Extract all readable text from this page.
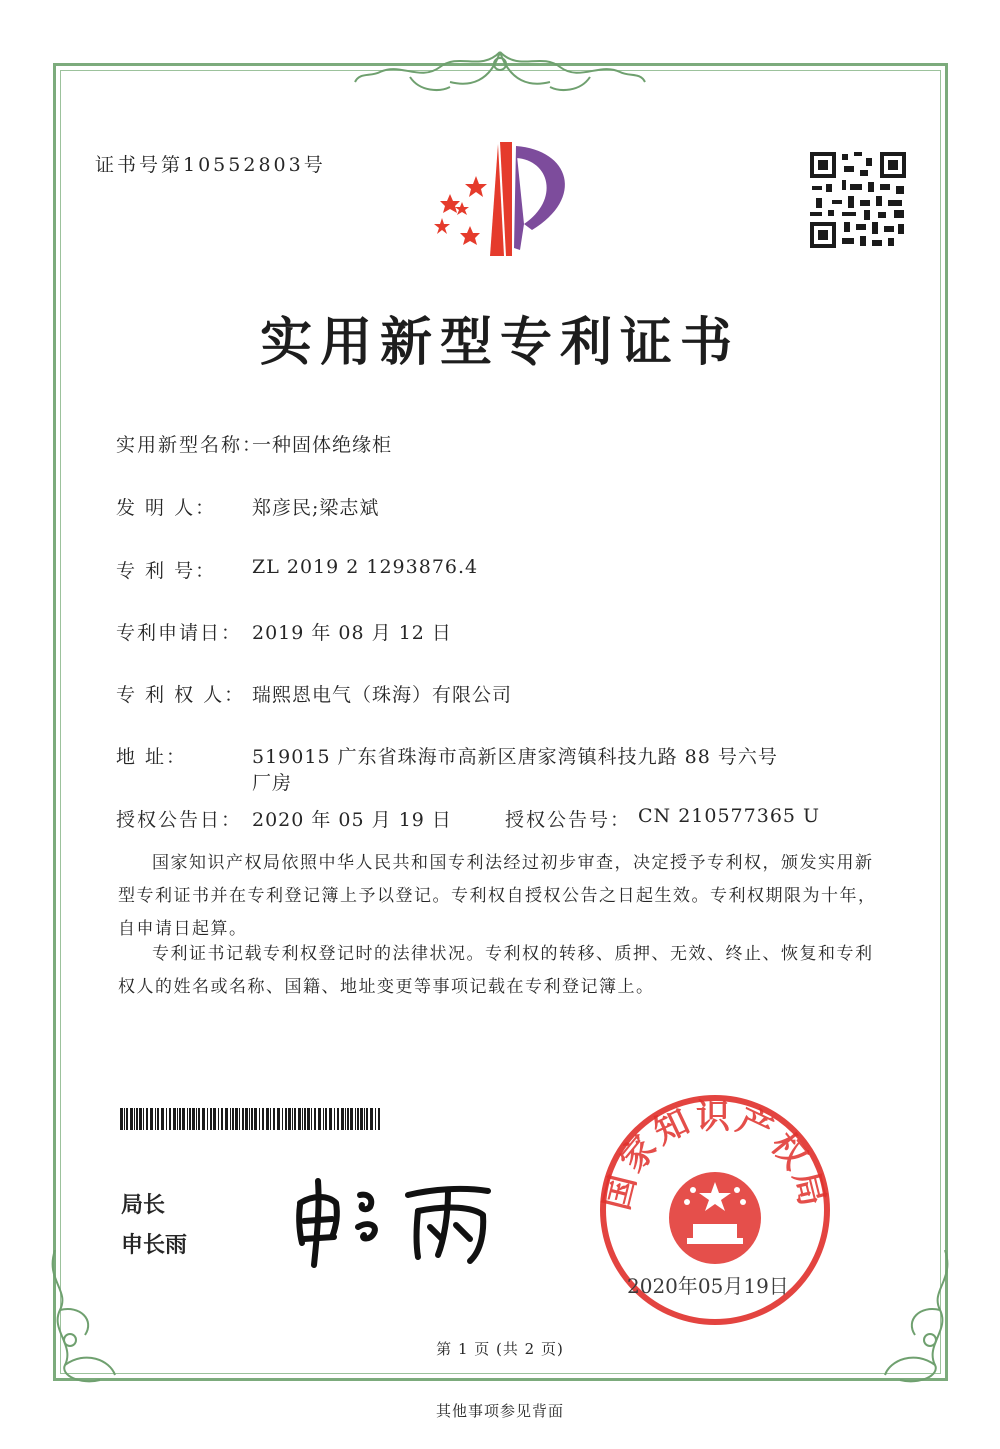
证书号第10552803号
实用新型专利证书
实用新型名称：
一种固体绝缘柜
发 明 人： 郑彦民;梁志斌
专 利 号： ZL 2019 2 1293876.4
专利申请日： 2019 年 08 月 12 日
专 利 权 人： 瑞熙恩电气（珠海）有限公司
地 址：	519015 广东省珠海市高新区唐家湾镇科技九路 88 号六号
厂房
授权公告日： 2020 年 05 月 19 日	授权公告号： CN 210577365 U
国家知识产权局依照中华人民共和国专利法经过初步审查，决定授予专利权，颁发实用新型专利证书并在专利登记簿上予以登记。专利权自授权公告之日起生效。专利权期限为十年，自申请日起算。
专利证书记载专利权登记时的法律状况。专利权的转移、质押、无效、终止、恢复和专利权人的姓名或名称、国籍、地址变更等事项记载在专利登记簿上。
局长
申长雨
国家知识产权局
2020年05月19日
第 1 页 (共 2 页)
其他事项参见背面
